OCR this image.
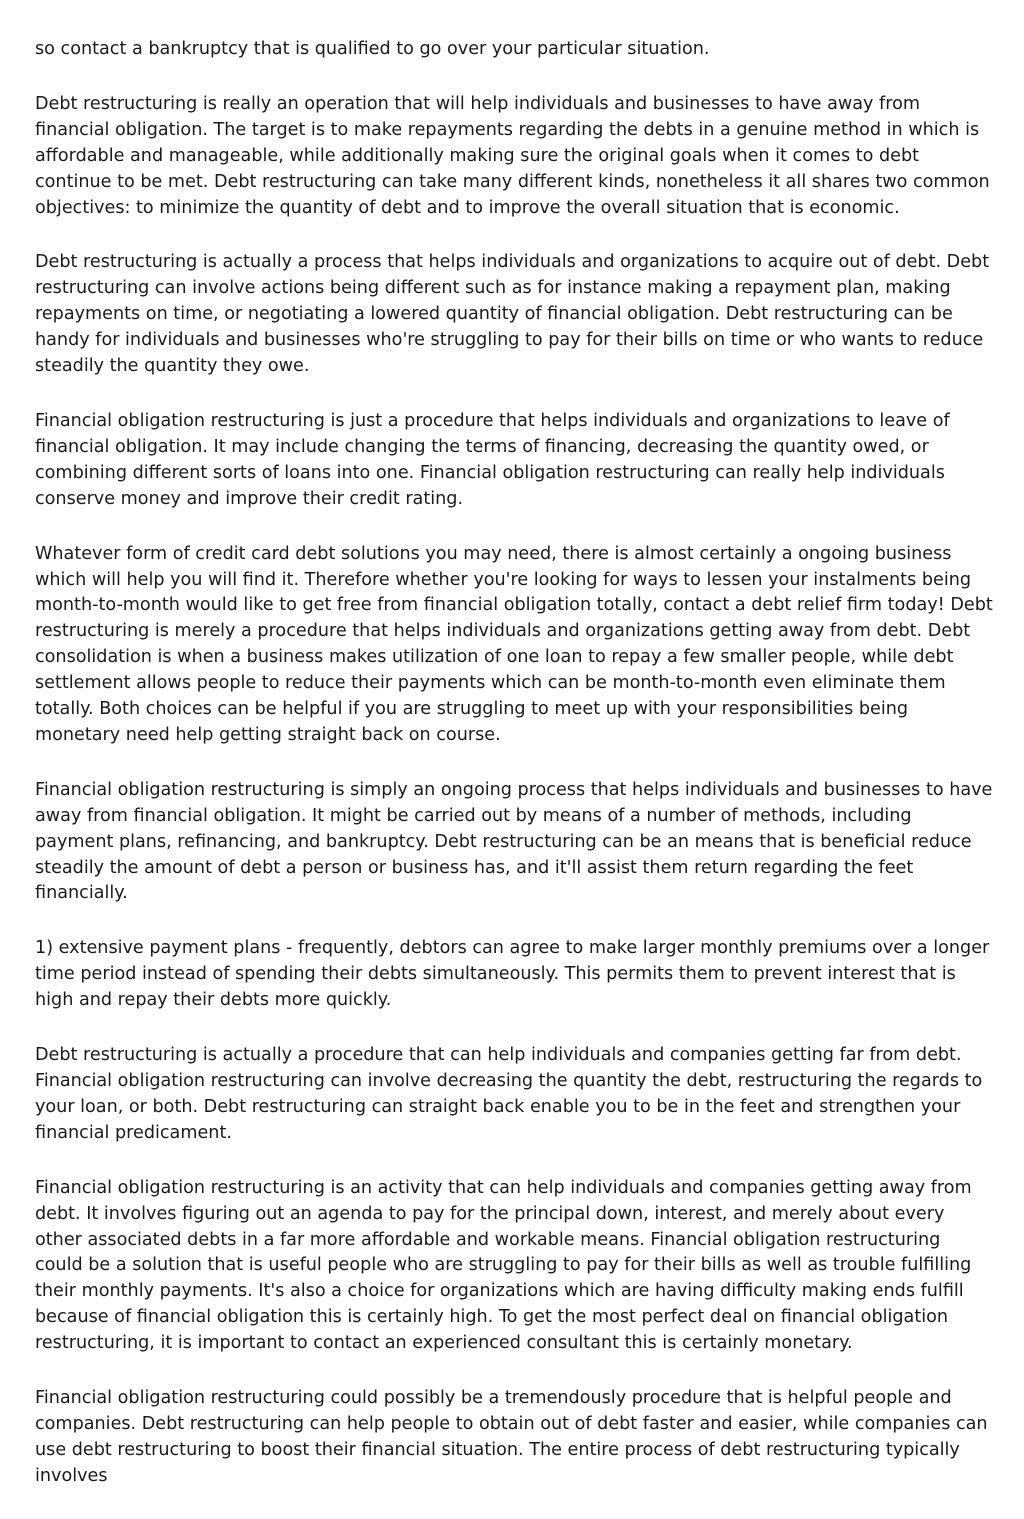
so contact a bankruptcy that is qualified to go over your particular situation.

Debt restructuring is really an operation that will help individuals and businesses to have away from financial obligation. The target is to make repayments regarding the debts in a genuine method in which is affordable and manageable, while additionally making sure the original goals when it comes to debt continue to be met. Debt restructuring can take many different kinds, nonetheless it all shares two common objectives: to minimize the quantity of debt and to improve the overall situation that is economic.

Debt restructuring is actually a process that helps individuals and organizations to acquire out of debt. Debt restructuring can involve actions being different such as for instance making a repayment plan, making repayments on time, or negotiating a lowered quantity of financial obligation. Debt restructuring can be handy for individuals and businesses who're struggling to pay for their bills on time or who wants to reduce steadily the quantity they owe.

Financial obligation restructuring is just a procedure that helps individuals and organizations to leave of financial obligation. It may include changing the terms of financing, decreasing the quantity owed, or combining different sorts of loans into one. Financial obligation restructuring can really help individuals conserve money and improve their credit rating.

Whatever form of credit card debt solutions you may need, there is almost certainly a ongoing business which will help you will find it. Therefore whether you're looking for ways to lessen your instalments being month-to-month would like to get free from financial obligation totally, contact a debt relief firm today! Debt restructuring is merely a procedure that helps individuals and organizations getting away from debt. Debt consolidation is when a business makes utilization of one loan to repay a few smaller people, while debt settlement allows people to reduce their payments which can be month-to-month even eliminate them totally. Both choices can be helpful if you are struggling to meet up with your responsibilities being monetary need help getting straight back on course.

Financial obligation restructuring is simply an ongoing process that helps individuals and businesses to have away from financial obligation. It might be carried out by means of a number of methods, including payment plans, refinancing, and bankruptcy. Debt restructuring can be an means that is beneficial reduce steadily the amount of debt a person or business has, and it'll assist them return regarding the feet financially.

1) extensive payment plans - frequently, debtors can agree to make larger monthly premiums over a longer time period instead of spending their debts simultaneously. This permits them to prevent interest that is high and repay their debts more quickly.

Debt restructuring is actually a procedure that can help individuals and companies getting far from debt. Financial obligation restructuring can involve decreasing the quantity the debt, restructuring the regards to your loan, or both. Debt restructuring can straight back enable you to be in the feet and strengthen your financial predicament.

Financial obligation restructuring is an activity that can help individuals and companies getting away from debt. It involves figuring out an agenda to pay for the principal down, interest, and merely about every other associated debts in a far more affordable and workable means. Financial obligation restructuring could be a solution that is useful people who are struggling to pay for their bills as well as trouble fulfilling their monthly payments. It's also a choice for organizations which are having difficulty making ends fulfill because of financial obligation this is certainly high. To get the most perfect deal on financial obligation restructuring, it is important to contact an experienced consultant this is certainly monetary.

Financial obligation restructuring could possibly be a tremendously procedure that is helpful people and companies. Debt restructuring can help people to obtain out of debt faster and easier, while companies can use debt restructuring to boost their financial situation. The entire process of debt restructuring typically involves
